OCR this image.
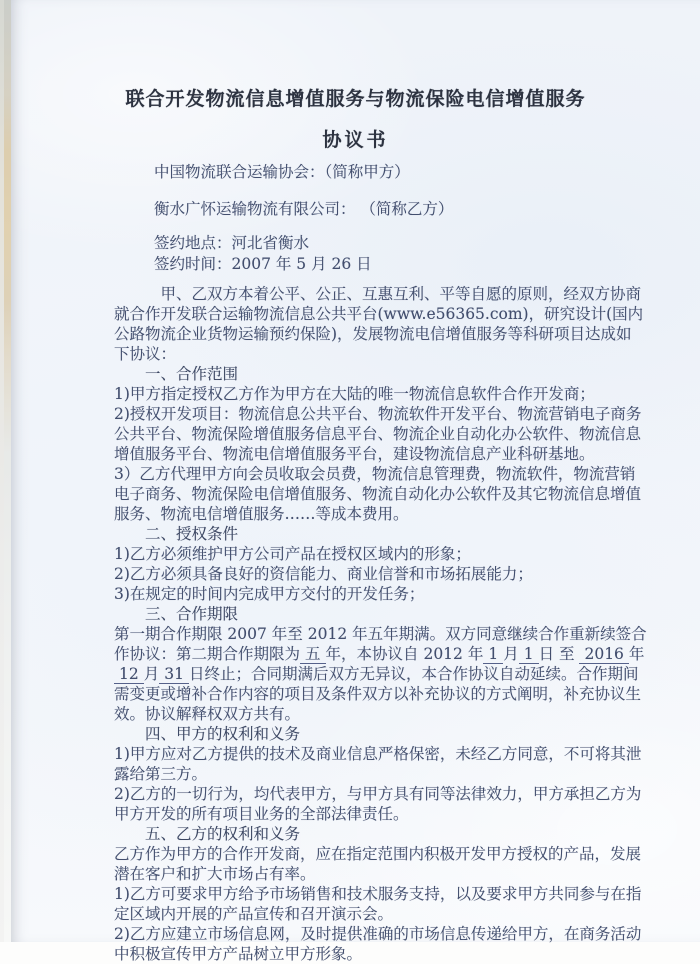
联合开发物流信息增值服务与物流保险电信增值服务
协议书

中国物流联合运输协会：（简称甲方）

衡水广怀运输物流有限公司： （简称乙方）

签约地点：河北省衡水

签约时间：2007 年 5 月 26 日

甲、乙双方本着公平、公正、互惠互利、平等自愿的原则，经双方协商就合作开发联合运输物流信息公共平台(www.e56365.com)，研究设计(国内公路物流企业货物运输预约保险)，发展物流电信增值服务等科研项目达成如下协议：

一、合作范围

1)甲方指定授权乙方作为甲方在大陆的唯一物流信息软件合作开发商；

2)授权开发项目：物流信息公共平台、物流软件开发平台、物流营销电子商务公共平台、物流保险增值服务信息平台、物流企业自动化办公软件、物流信息增值服务平台、物流电信增值服务平台，建设物流信息产业科研基地。

3）乙方代理甲方向会员收取会员费，物流信息管理费，物流软件，物流营销电子商务、物流保险电信增值服务、物流自动化办公软件及其它物流信息增值服务、物流电信增值服务……等成本费用。

二、授权条件

1)乙方必须维护甲方公司产品在授权区域内的形象；

2)乙方必须具备良好的资信能力、商业信誉和市场拓展能力；

3)在规定的时间内完成甲方交付的开发任务；

三、合作期限

第一期合作期限 2007 年至 2012 年五年期满。双方同意继续合作重新续签合作协议：第二期合作期限为 五 年，本协议自 2012 年 1 月 1 日 至 2016 年12 月 31 日终止；合同期满后双方无异议，本合作协议自动延续。合作期间需变更或增补合作内容的项目及条件双方以补充协议的方式阐明，补充协议生效。协议解释权双方共有。

四、甲方的权利和义务

1)甲方应对乙方提供的技术及商业信息严格保密，未经乙方同意，不可将其泄露给第三方。

2)乙方的一切行为，均代表甲方，与甲方具有同等法律效力，甲方承担乙方为甲方开发的所有项目业务的全部法律责任。

五、乙方的权利和义务

乙方作为甲方的合作开发商，应在指定范围内积极开发甲方授权的产品，发展潜在客户和扩大市场占有率。

1)乙方可要求甲方给予市场销售和技术服务支持，以及要求甲方共同参与在指定区域内开展的产品宣传和召开演示会。

2)乙方应建立市场信息网，及时提供准确的市场信息传递给甲方，在商务活动中积极宣传甲方产品树立甲方形象。
